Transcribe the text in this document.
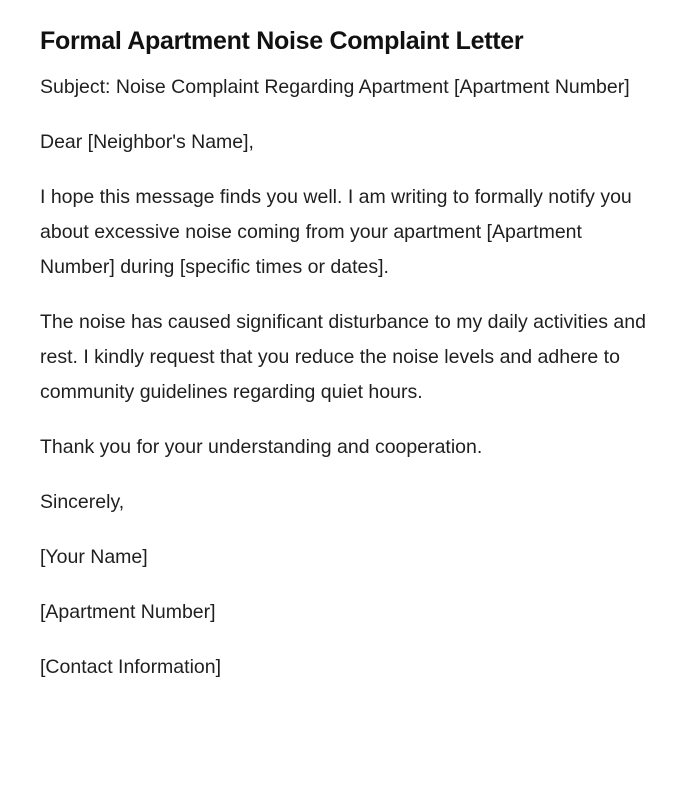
Formal Apartment Noise Complaint Letter

Subject: Noise Complaint Regarding Apartment [Apartment Number]

Dear [Neighbor's Name],

I hope this message finds you well. I am writing to formally notify you about excessive noise coming from your apartment [Apartment Number] during [specific times or dates].

The noise has caused significant disturbance to my daily activities and rest. I kindly request that you reduce the noise levels and adhere to community guidelines regarding quiet hours.

Thank you for your understanding and cooperation.

Sincerely,

[Your Name]

[Apartment Number]

[Contact Information]
